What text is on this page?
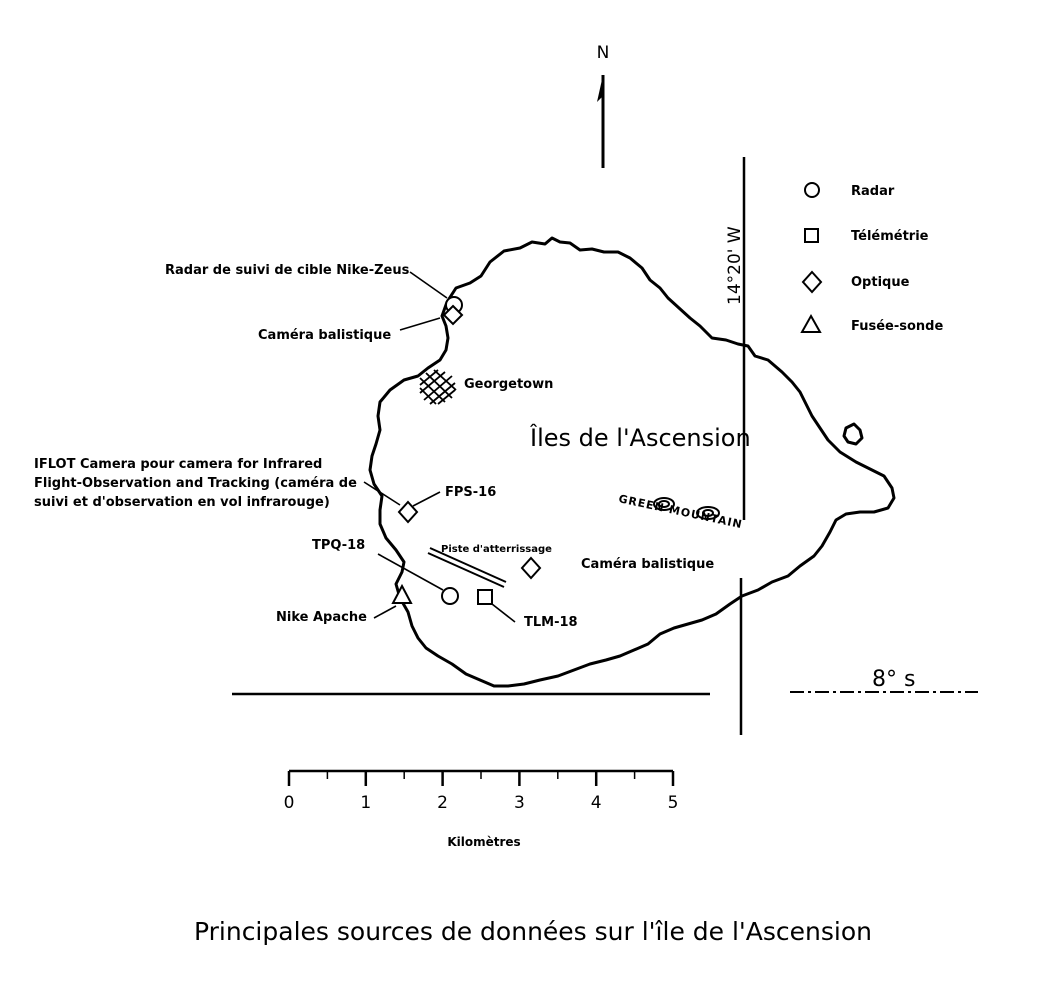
N
14°20' W
8° s
Georgetown
Îles de l'Ascension
GREEN MOUNTAIN
Radar de suivi de cible Nike-Zeus
Caméra balistique
IFLOT Camera pour camera for Infrared
Flight-Observation and Tracking (caméra de
suivi et d'observation en vol infrarouge)
FPS-16
Piste d'atterrissage
Caméra balistique
TPQ-18
TLM-18
Nike Apache
Radar
Télémétrie
Optique
Fusée-sonde
0	1	2	3	4	5
Kilomètres
Principales sources de données sur l'île de l'Ascension
